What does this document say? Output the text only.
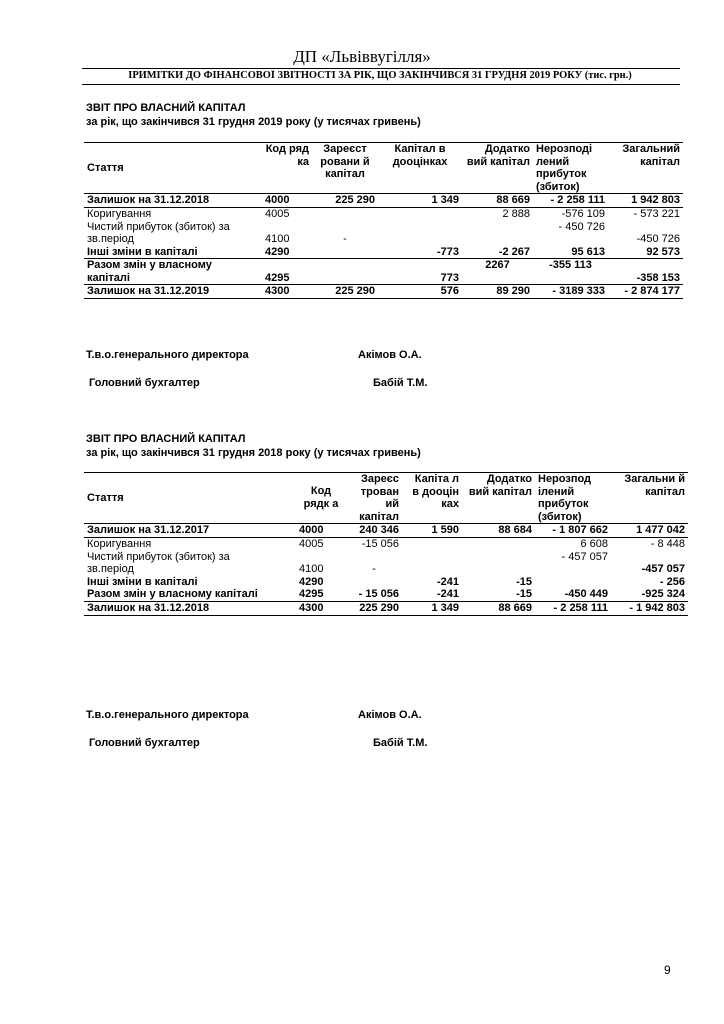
ДП «Львіввугілля»
ІРИМІТКИ ДО ФІНАНСОВОЇ ЗВІТНОСТІ ЗА РІК, ЩО ЗАКІНЧИВСЯ 31 ГРУДНЯ 2019 РОКУ (тис. грн.)
ЗВІТ ПРО ВЛАСНИЙ КАПІТАЛ
за рік, що закінчився 31 грудня 2019 року (у тисячах гривень)
Стаття	Код ряд ка	Зареєст ровани й капітал	Капітал в дооцінках	Додатко вий капітал	Нерозподі лений прибуток (збиток)	Загальний капітал
Залишок на 31.12.2018	4000	225 290	1 349	88 669	- 2 258 111	1 942 803
Коригування	4005			2 888	-576 109	- 573 221
Чистий прибуток (збиток) за					- 450 726	
зв.період	4100	-				-450 726
Інші зміни в капіталі	4290		-773	-2 267	95 613	92 573
Разом змін у власному				2267	-355 113	
капіталі	4295		773			-358 153
Залишок на 31.12.2019	4300	225 290	576	89 290	- 3189 333	- 2 874 177
Т.в.о.генерального директора	Акімов О.А.
Головний бухгалтер	Бабій Т.М.
ЗВІТ ПРО ВЛАСНИЙ КАПІТАЛ
за рік, що закінчився 31 грудня 2018 року (у тисячах гривень)
Стаття	Код рядк а	Зареєс трован ий капітал	Капіта л в дооцін ках	Додатко вий капітал	Нерозпод ілений прибуток (збиток)	Загальни й капітал
Залишок на 31.12.2017	4000	240 346	1 590	88 684	- 1 807 662	1 477 042
Коригування	4005	-15 056			6 608	- 8 448
Чистий прибуток (збиток) за					- 457 057	
зв.період	4100	-				-457 057
Інші зміни в капіталі	4290		-241	-15		- 256
Разом змін у власному капіталі	4295	- 15 056	-241	-15	-450 449	-925 324
Залишок на 31.12.2018	4300	225 290	1 349	88 669	- 2 258 111	- 1 942 803
Т.в.о.генерального директора	Акімов О.А.
Головний бухгалтер	Бабій Т.М.
9
